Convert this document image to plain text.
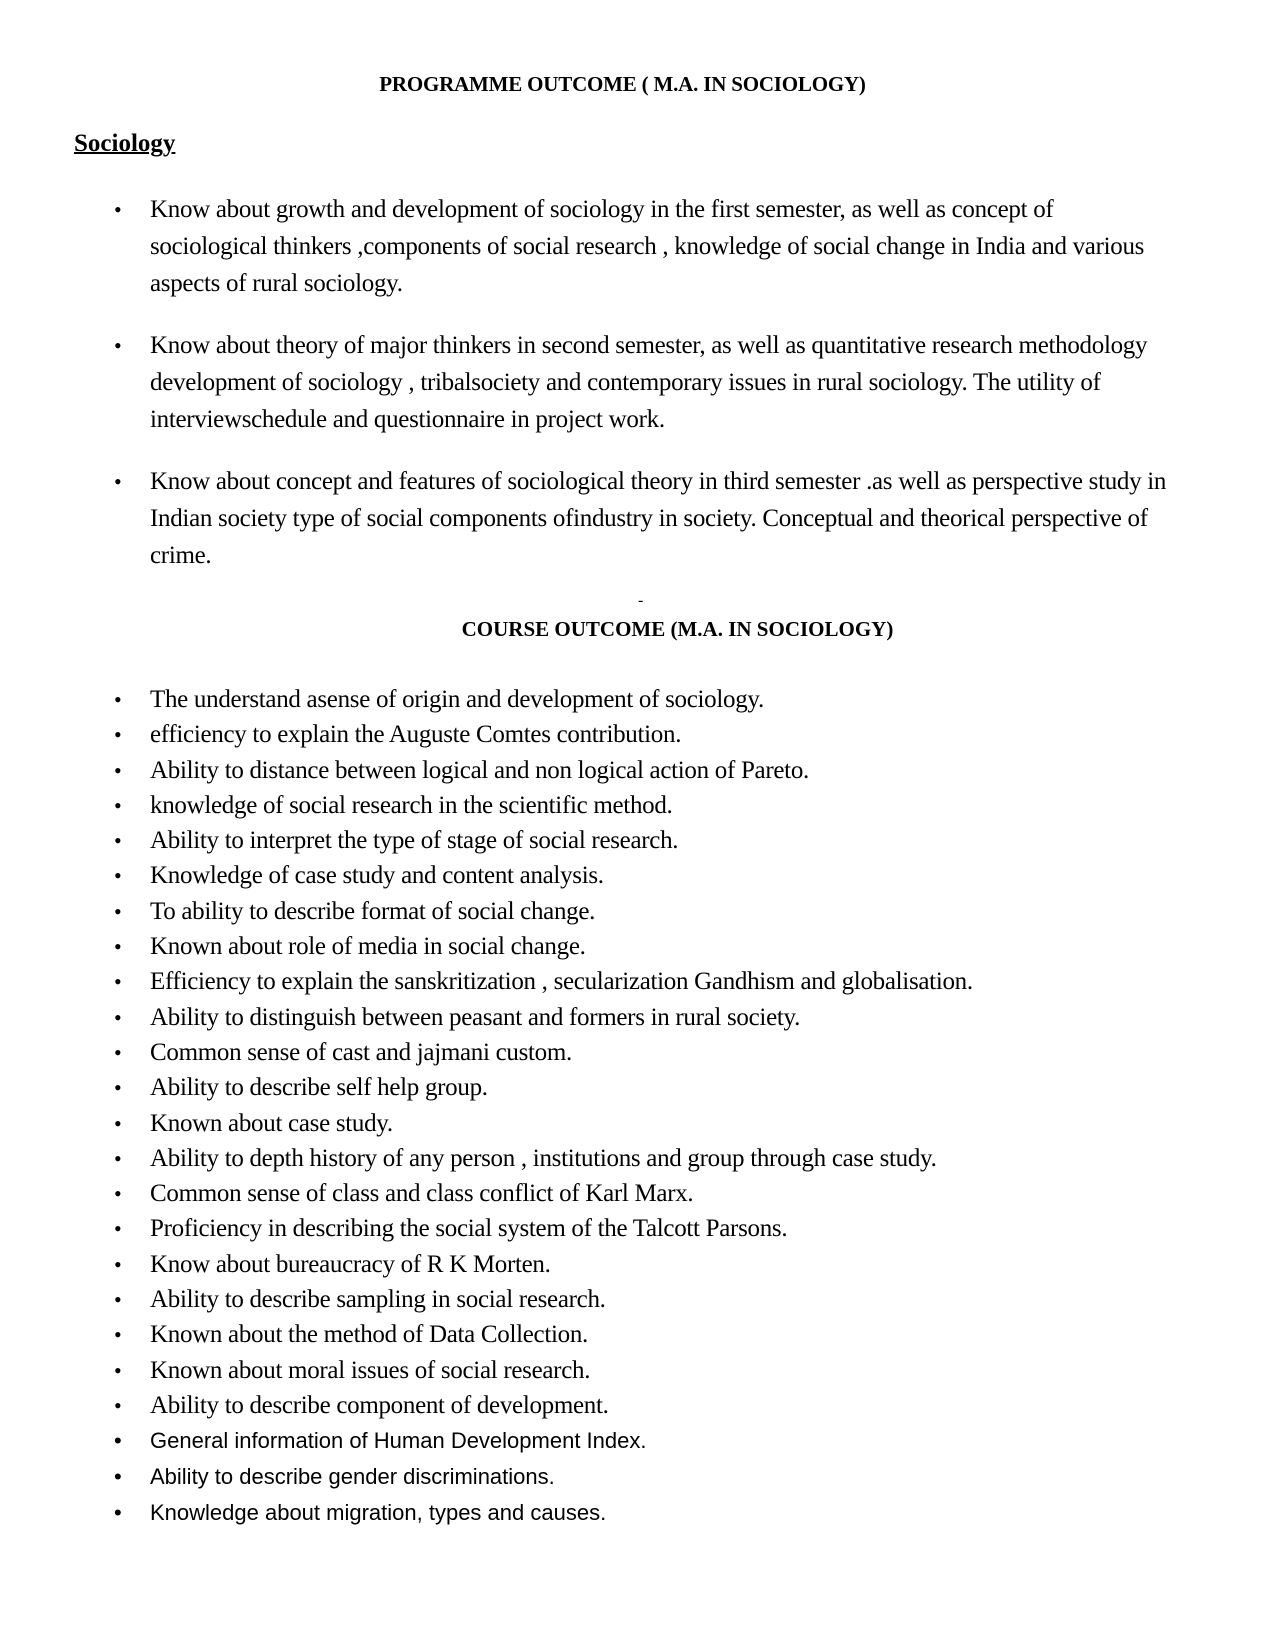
PROGRAMME OUTCOME ( M.A. IN SOCIOLOGY)
Sociology
• Know about growth and development of sociology in the first semester, as well as concept of sociological thinkers ,components of social research , knowledge of social change in India and various aspects of rural sociology.
• Know about theory of major thinkers in second semester, as well as quantitative research methodology development of sociology , tribalsociety and contemporary issues in rural sociology. The utility of interviewschedule and questionnaire in project work.
• Know about concept and features of sociological theory in third semester .as well as perspective study in Indian society type of social components ofindustry in society. Conceptual and theorical perspective of crime.
-
COURSE OUTCOME (M.A. IN SOCIOLOGY)
• The understand asense of origin and development of sociology.
• efficiency to explain the Auguste Comtes contribution.
• Ability to distance between logical and non logical action of Pareto.
• knowledge of social research in the scientific method.
• Ability to interpret the type of stage of social research.
• Knowledge of case study and content analysis.
• To ability to describe format of social change.
• Known about role of media in social change.
• Efficiency to explain the sanskritization , secularization Gandhism and globalisation.
• Ability to distinguish between peasant and formers in rural society.
• Common sense of cast and jajmani custom.
• Ability to describe self help group.
• Known about case study.
• Ability to depth history of any person , institutions and group through case study.
• Common sense of class and class conflict of Karl Marx.
• Proficiency in describing the social system of the Talcott Parsons.
• Know about bureaucracy of R K Morten.
• Ability to describe sampling in social research.
• Known about the method of Data Collection.
• Known about moral issues of social research.
• Ability to describe component of development.
• General information of Human Development Index.
• Ability to describe gender discriminations.
• Knowledge about migration, types and causes.
